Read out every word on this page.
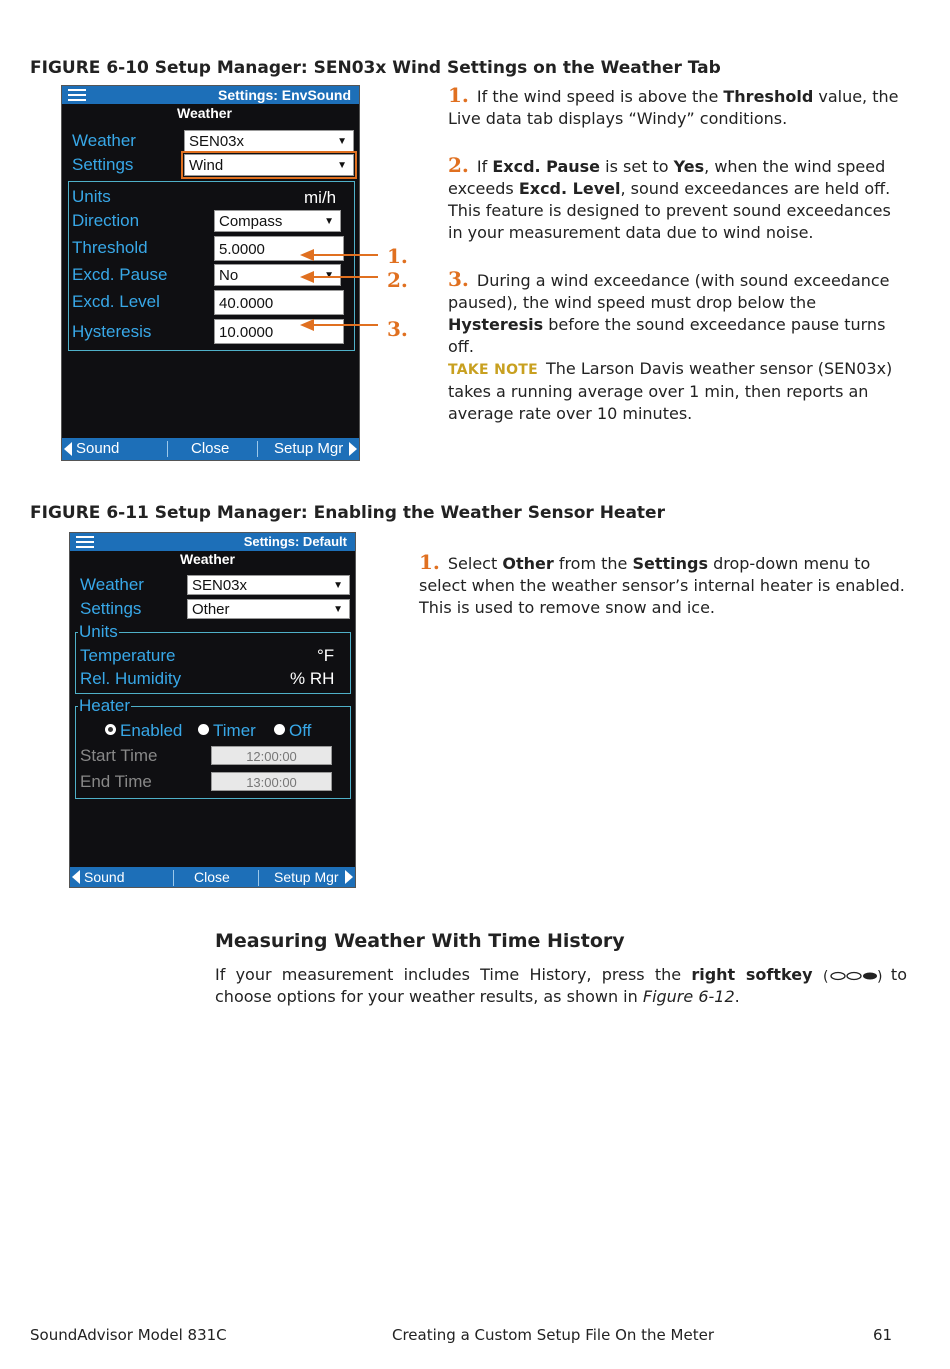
FIGURE 6-10 Setup Manager: SEN03x Wind Settings on the Weather Tab
Settings: EnvSound
Weather
Weather	SEN03x	▼
Settings	Wind	▼
Units	mi/h
Direction	Compass	▼
Threshold	5.0000
Excd. Pause	No	▼
Excd. Level	40.0000
Hysteresis	10.0000
Sound	Close	Setup Mgr
1.
2.
3.
1. If the wind speed is above the Threshold value, the Live data tab displays “Windy” conditions.
2. If Excd. Pause is set to Yes, when the wind speed exceeds Excd. Level, sound exceedances are held off. This feature is designed to prevent sound exceedances in your measurement data due to wind noise.
3. During a wind exceedance (with sound exceedance paused), the wind speed must drop below the Hysteresis before the sound exceedance pause turns off.
TAKE NOTE The Larson Davis weather sensor (SEN03x) takes a running average over 1 min, then reports an average rate over 10 minutes.
FIGURE 6-11 Setup Manager: Enabling the Weather Sensor Heater
Settings: Default
Weather
Weather	SEN03x	▼
Settings	Other	▼
Units
Temperature	°F
Rel. Humidity	% RH
Heater
Enabled	Timer	Off
Start Time	12:00:00
End Time	13:00:00
Sound	Close	Setup Mgr
1. Select Other from the Settings drop-down menu to select when the weather sensor’s internal heater is enabled. This is used to remove snow and ice.
Measuring Weather With Time History
If your measurement includes Time History, press the right softkey (	)
to choose options for your weather results, as shown in Figure 6-12.
SoundAdvisor Model 831C	Creating a Custom Setup File On the Meter	61
